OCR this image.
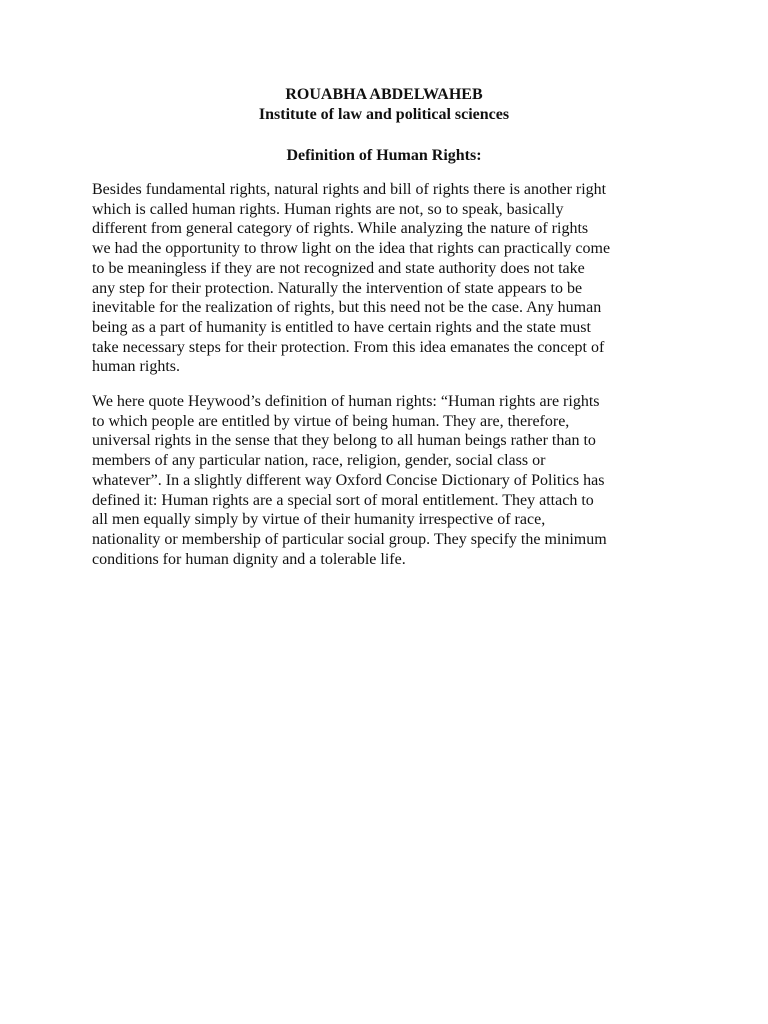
ROUABHA ABDELWAHEB
Institute of law and political sciences
Definition of Human Rights:

Besides fundamental rights, natural rights and bill of rights there is another right
which is called human rights. Human rights are not, so to speak, basically
different from general category of rights. While analyzing the nature of rights
we had the opportunity to throw light on the idea that rights can practically come
to be meaningless if they are not recognized and state authority does not take
any step for their protection. Naturally the intervention of state appears to be
inevitable for the realization of rights, but this need not be the case. Any human
being as a part of humanity is entitled to have certain rights and the state must
take necessary steps for their protection. From this idea emanates the concept of
human rights.

We here quote Heywood’s definition of human rights: “Human rights are rights
to which people are entitled by virtue of being human. They are, therefore,
universal rights in the sense that they belong to all human beings rather than to
members of any particular nation, race, religion, gender, social class or
whatever”. In a slightly different way Oxford Concise Dictionary of Politics has
defined it: Human rights are a special sort of moral entitlement. They attach to
all men equally simply by virtue of their humanity irrespective of race,
nationality or membership of particular social group. They specify the minimum
conditions for human dignity and a tolerable life.
